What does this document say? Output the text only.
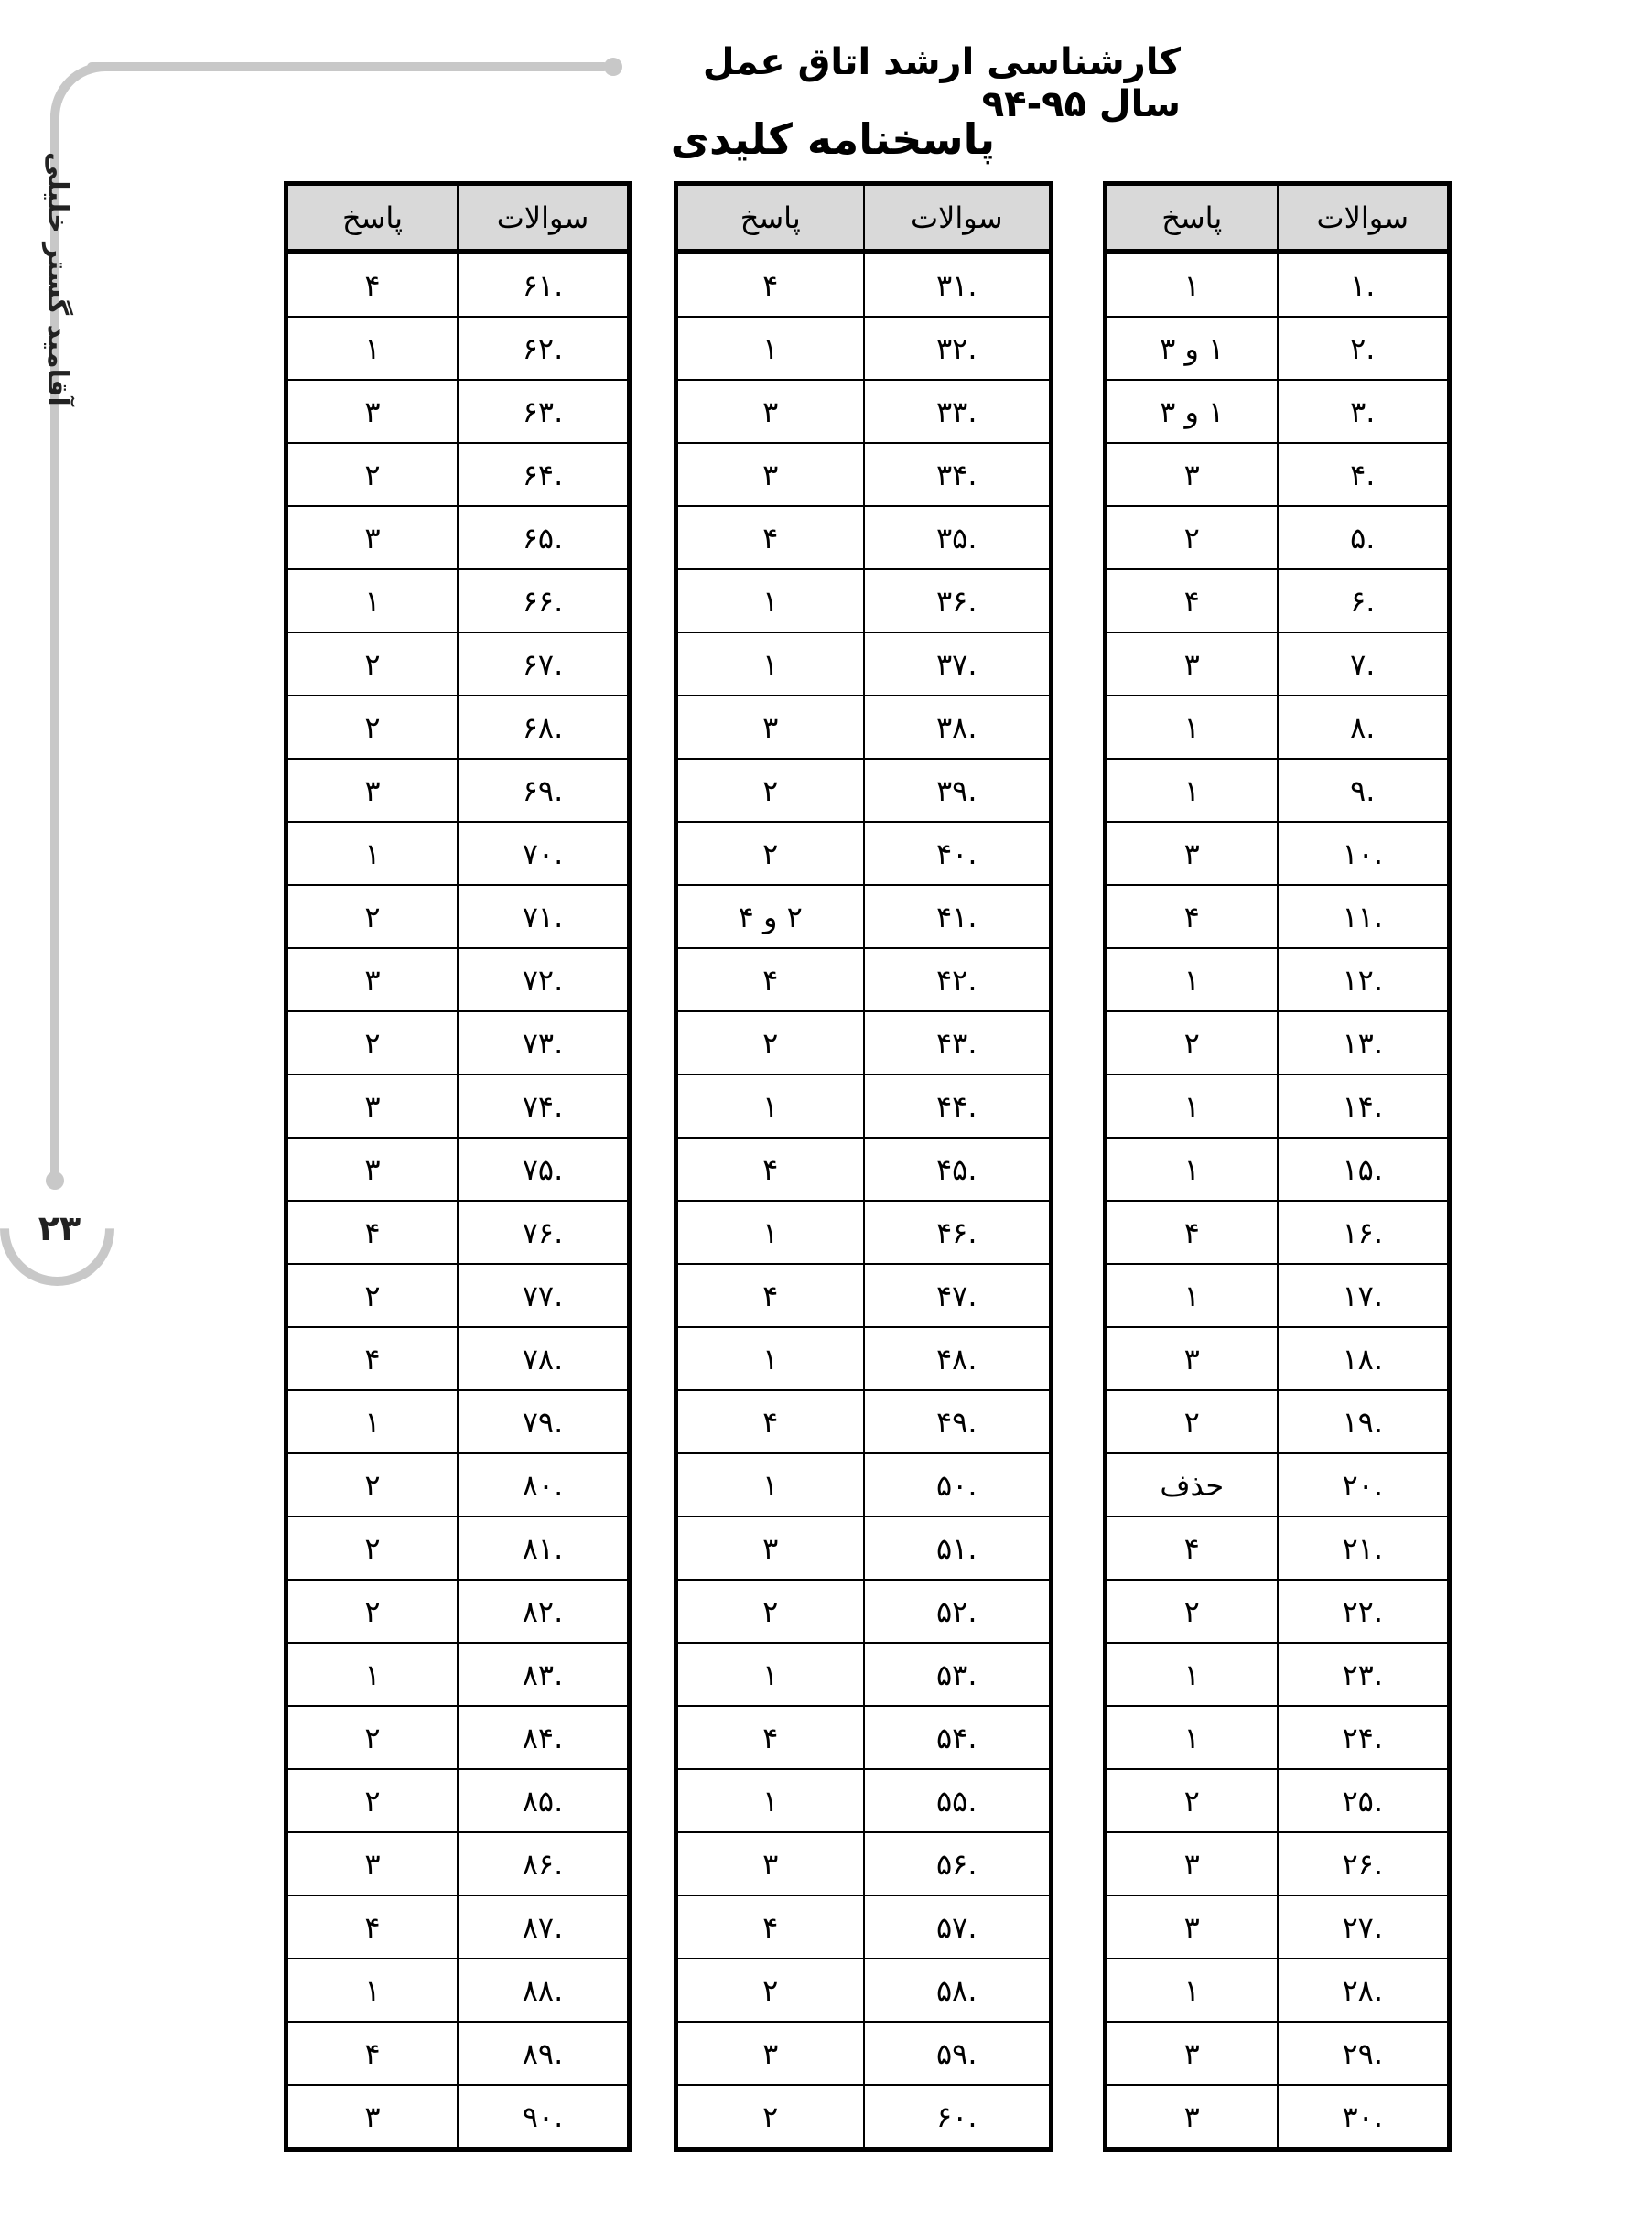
۲۳
آقامید گستر خلیلی
کارشناسی ارشد اتاق عمل سال ۹۵-۹۴
پاسخنامه کلیدی
سوالات	پاسخ
.۱	۱
.۲	۱ و ۳
.۳	۱ و ۳
.۴	۳
.۵	۲
.۶	۴
.۷	۳
.۸	۱
.۹	۱
.۱۰	۳
.۱۱	۴
.۱۲	۱
.۱۳	۲
.۱۴	۱
.۱۵	۱
.۱۶	۴
.۱۷	۱
.۱۸	۳
.۱۹	۲
.۲۰	حذف
.۲۱	۴
.۲۲	۲
.۲۳	۱
.۲۴	۱
.۲۵	۲
.۲۶	۳
.۲۷	۳
.۲۸	۱
.۲۹	۳
.۳۰	۳
سوالات	پاسخ
.۳۱	۴
.۳۲	۱
.۳۳	۳
.۳۴	۳
.۳۵	۴
.۳۶	۱
.۳۷	۱
.۳۸	۳
.۳۹	۲
.۴۰	۲
.۴۱	۲ و ۴
.۴۲	۴
.۴۳	۲
.۴۴	۱
.۴۵	۴
.۴۶	۱
.۴۷	۴
.۴۸	۱
.۴۹	۴
.۵۰	۱
.۵۱	۳
.۵۲	۲
.۵۳	۱
.۵۴	۴
.۵۵	۱
.۵۶	۳
.۵۷	۴
.۵۸	۲
.۵۹	۳
.۶۰	۲
سوالات	پاسخ
.۶۱	۴
.۶۲	۱
.۶۳	۳
.۶۴	۲
.۶۵	۳
.۶۶	۱
.۶۷	۲
.۶۸	۲
.۶۹	۳
.۷۰	۱
.۷۱	۲
.۷۲	۳
.۷۳	۲
.۷۴	۳
.۷۵	۳
.۷۶	۴
.۷۷	۲
.۷۸	۴
.۷۹	۱
.۸۰	۲
.۸۱	۲
.۸۲	۲
.۸۳	۱
.۸۴	۲
.۸۵	۲
.۸۶	۳
.۸۷	۴
.۸۸	۱
.۸۹	۴
.۹۰	۳
